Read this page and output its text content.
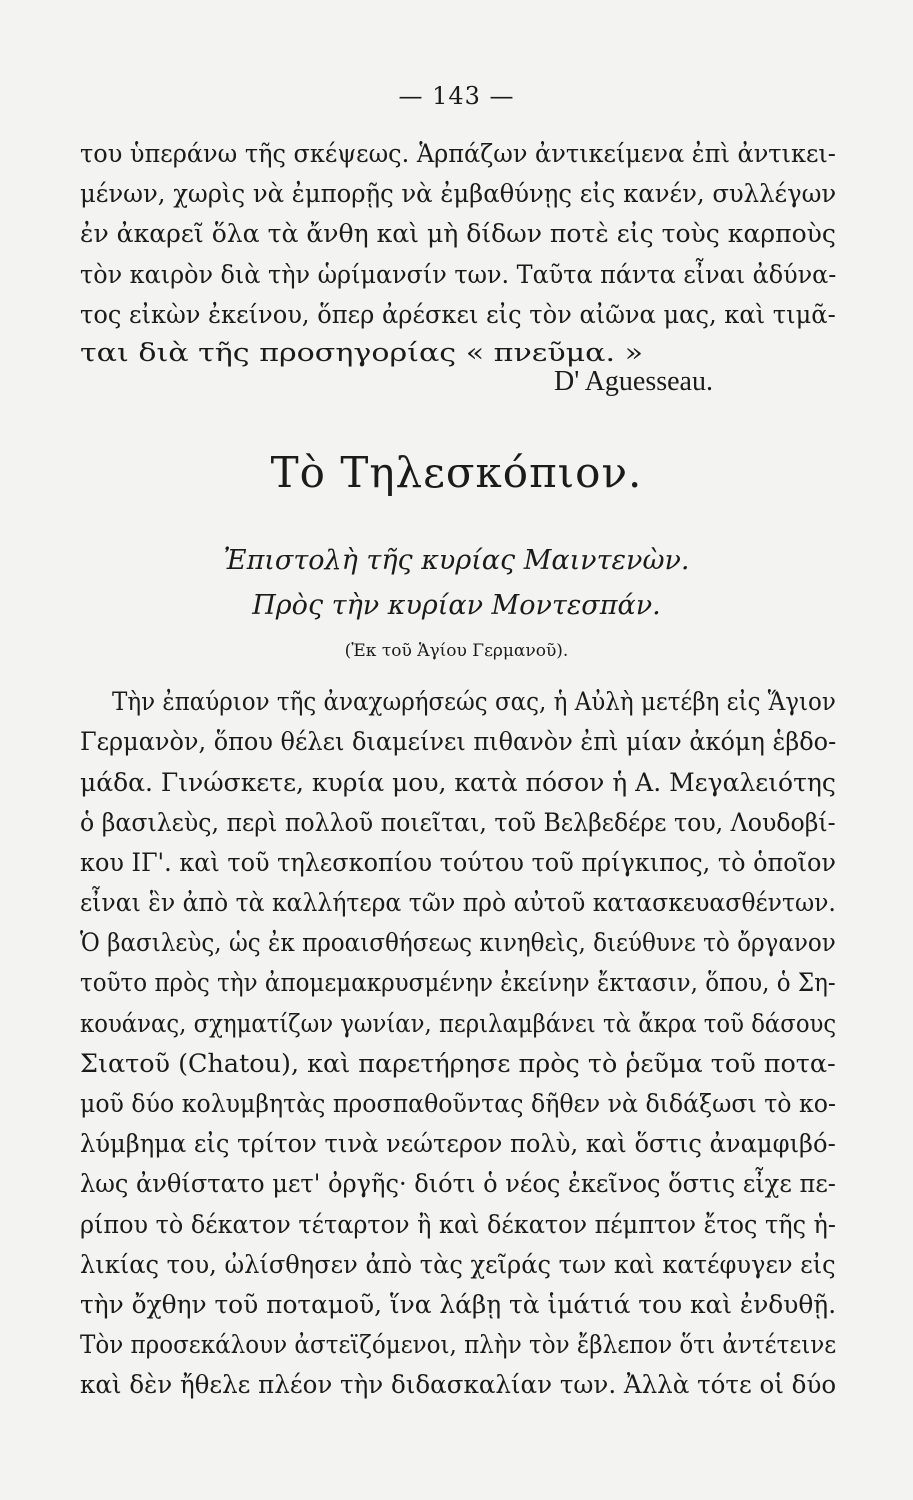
— 143 —
του ὑπεράνω τῆς σκέψεως. Ἁρπάζων ἀντικείμενα ἐπὶ ἀντικει-
μένων, χωρὶς νὰ ἐμπορῇς νὰ ἐμβαθύνῃς εἰς κανέν, συλλέγων
ἐν ἀκαρεῖ ὅλα τὰ ἄνθη καὶ μὴ δίδων ποτὲ εἰς τοὺς καρποὺς
τὸν καιρὸν διὰ τὴν ὡρίμανσίν των. Ταῦτα πάντα εἶναι ἀδύνα-
τος εἰκὼν ἐκείνου, ὅπερ ἀρέσκει εἰς τὸν αἰῶνα μας, καὶ τιμᾶ-
ται διὰ τῆς προσηγορίας « πνεῦμα. »
D' Aguesseau.
Τὸ Τηλεσκόπιον.
Ἐπιστολὴ τῆς κυρίας Μαιντενὼν.
Πρὸς τὴν κυρίαν Μοντεσπάν.
(Ἐκ τοῦ Ἁγίου Γερμανοῦ).
Τὴν ἐπαύριον τῆς ἀναχωρήσεώς σας, ἡ Αὐλὴ μετέβη εἰς Ἅγιον
Γερμανὸν, ὅπου θέλει διαμείνει πιθανὸν ἐπὶ μίαν ἀκόμη ἑβδο-
μάδα. Γινώσκετε, κυρία μου, κατὰ πόσον ἡ Α. Μεγαλειότης
ὁ βασιλεὺς, περὶ πολλοῦ ποιεῖται, τοῦ Βελβεδέρε του, Λουδοβί-
κου ΙΓ'. καὶ τοῦ τηλεσκοπίου τούτου τοῦ πρίγκιπος, τὸ ὁποῖον
εἶναι ἓν ἀπὸ τὰ καλλήτερα τῶν πρὸ αὐτοῦ κατασκευασθέντων.
Ὁ βασιλεὺς, ὡς ἐκ προαισθήσεως κινηθεὶς, διεύθυνε τὸ ὄργανον
τοῦτο πρὸς τὴν ἀπομεμακρυσμένην ἐκείνην ἔκτασιν, ὅπου, ὁ Ση-
κουάνας, σχηματίζων γωνίαν, περιλαμβάνει τὰ ἄκρα τοῦ δάσους
Σιατοῦ (Chatou), καὶ παρετήρησε πρὸς τὸ ῥεῦμα τοῦ ποτα-
μοῦ δύο κολυμβητὰς προσπαθοῦντας δῆθεν νὰ διδάξωσι τὸ κο-
λύμβημα εἰς τρίτον τινὰ νεώτερον πολὺ, καὶ ὅστις ἀναμφιβό-
λως ἀνθίστατο μετ' ὀργῆς· διότι ὁ νέος ἐκεῖνος ὅστις εἶχε πε-
ρίπου τὸ δέκατον τέταρτον ἢ καὶ δέκατον πέμπτον ἔτος τῆς ἡ-
λικίας του, ὠλίσθησεν ἀπὸ τὰς χεῖράς των καὶ κατέφυγεν εἰς
τὴν ὄχθην τοῦ ποταμοῦ, ἵνα λάβῃ τὰ ἱμάτιά του καὶ ἐνδυθῇ.
Τὸν προσεκάλουν ἀστεϊζόμενοι, πλὴν τὸν ἔβλεπον ὅτι ἀντέτεινε
καὶ δὲν ἤθελε πλέον τὴν διδασκαλίαν των. Ἀλλὰ τότε οἱ δύο
